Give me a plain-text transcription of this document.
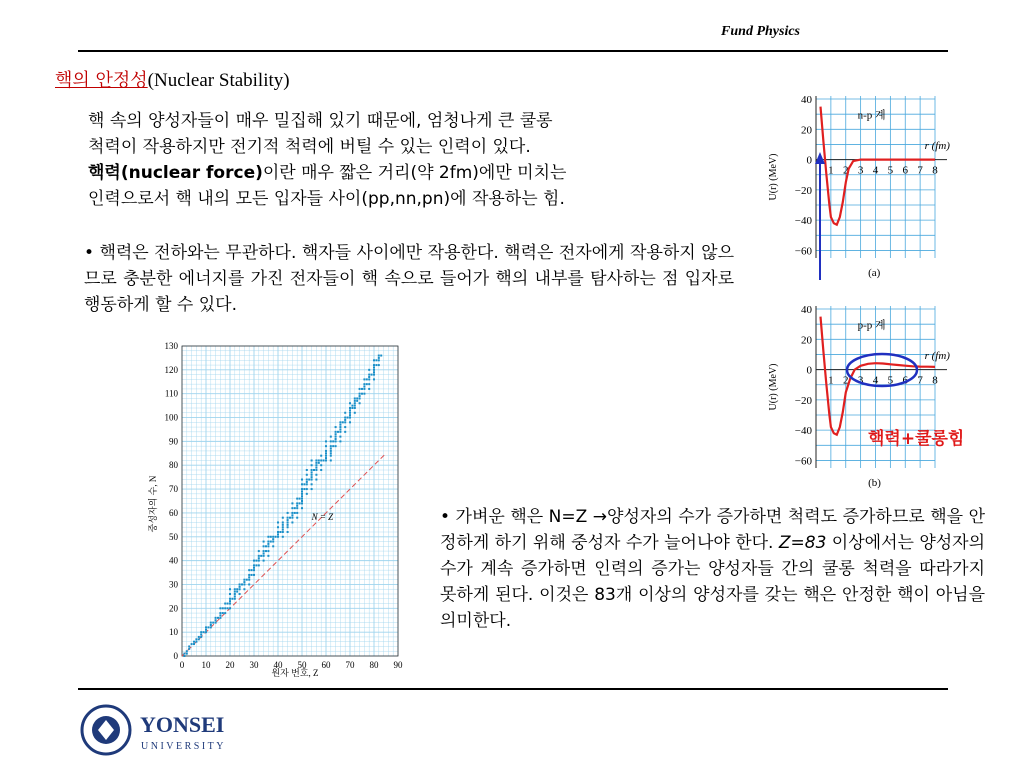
Fund Physics
핵의 안정성(Nuclear Stability)
핵 속의 양성자들이 매우 밀집해 있기 때문에, 엄청나게 큰 쿨롱
척력이 작용하지만 전기적 척력에 버틸 수 있는 인력이 있다.
핵력(nuclear force)이란 매우 짧은 거리(약 2fm)에만 미치는
인력으로서 핵 내의 모든 입자들 사이(pp,nn,pn)에 작용하는 힘.
• 핵력은 전하와는 무관하다. 핵자들 사이에만 작용한다. 핵력은 전자에게 작용하지 않으므로 충분한 에너지를 가진 전자들이 핵 속으로 들어가 핵의 내부를 탐사하는 점 입자로 행동하게 할 수 있다.
0 10 20 30 40 50 60 70 80 90
0
10
20
30
40
50
60
70
80
90
100
110
120
130
N = Z
원자 번호, Z
중성자의 수, N
1 2 3 4 5 6 7 8
40
20
0
−20
−40
−60
n-p 계
r (fm)
U(r) (MeV)
(a)
1 2 3 4 5 6 7 8
40
20
0
−20
−40
−60
p-p 계
r (fm)
U(r) (MeV)
(b)
핵력+쿨롱힘
• 가벼운 핵은 N=Z →양성자의 수가 증가하면 척력도 증가하므로 핵을 안정하게 하기 위해 중성자 수가 늘어나야 한다. Z=83 이상에서는 양성자의 수가 계속 증가하면 인력의 증가는 양성자들 간의 쿨롱 척력을 따라가지 못하게 된다. 이것은 83개 이상의 양성자를 갖는 핵은 안정한 핵이 아님을 의미한다.
YONSEI
UNIVERSITY
